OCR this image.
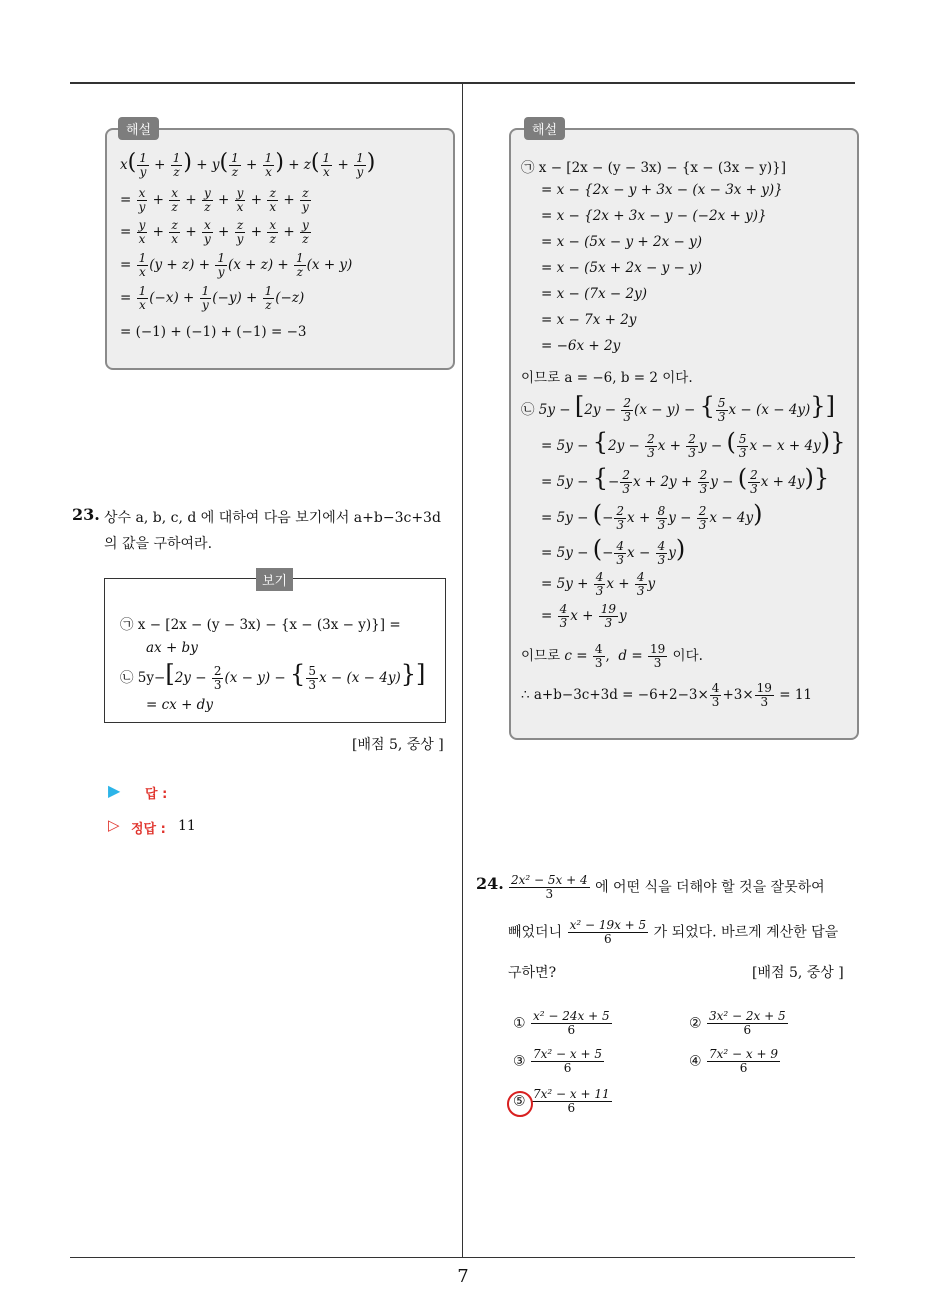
7
해설
$x( \frac{1}{y} + \frac{1}{z}$ ) + $y( \frac{1}{z} + \frac{1}{x}$ ) + $z( \frac{1}{x} + \frac{1}{y}$ )
= $\frac{x}{y} + \frac{x}{z} + \frac{y}{z} + \frac{y}{x} + \frac{z}{x} + \frac{z}{y}$
= $\frac{y}{x} + \frac{z}{x} + \frac{x}{y} + \frac{z}{y} + \frac{x}{z} + \frac{y}{z}$
= $\frac{1}{x} (y + z) + \frac{1}{y} (x + z) + \frac{1}{z} (x + y)$
= $\frac{1}{x} (-x) + \frac{1}{y} (-y) + \frac{1}{z} (-z)$
= (−1) + (−1) + (−1) = −3
23. 상수 a, b, c, d 에 대하여 다음 보기에서 a+b−3c+3d
의 값을 구하여라.
보기
㉠ x − [2x − (y − 3x) − {x − (3x − y)}] =
ax + by
㉡ $5y-[2y - \frac{2}{3} (x - y)$ − { $\frac{5}{3}$ x − (x − 4y)}]
= cx + dy
[배점 5, 중상 ]
▶ 답 :
▷ 정답 : 11
해설
㉠ x − [2x − (y − 3x) − {x − (3x − y)}]
= x − {2x − y + 3x − (x − 3x + y)}
= x − {2x + 3x − y − (−2x + y)}
= x − (5x − y + 2x − y)
= x − (5x + 2x − y − y)
= x − (7x − 2y)
= x − 7x + 2y
= −6x + 2y
이므로 a = −6, b = 2 이다.
㉡ $5y - [2y - \frac{2}{3} (x - y)$ − { $\frac{5}{3}$ x − (x − 4y)}]
= $5y - \{2y - \frac{2}{3}$ $x + \frac{2}{3}$ y − ( $\frac{5}{3}$ x − x + 4y)}
= 5y − {− $\frac{2}{3}$ $x + 2y + \frac{2}{3}$ y − ( $\frac{2}{3}$ x + 4y)}
= 5y − (− $\frac{2}{3}$ $x + \frac{8}{3}$ $y - \frac{2}{3}$ x − 4y)
= 5y − (− $\frac{4}{3}$ $x - \frac{4}{3} y$)
= $5y + \frac{4}{3}$ $x + \frac{4}{3}$ y
= $\frac{4}{3}$ $x + \frac{19}{3}$ y
이므로 $c = \frac{4}{3}$ ,  $d = \frac{19}{3}$ 이다.
∴ $a+b-3c+3d = -6+2-3\times \frac{4}{3} +3\times \frac{19}{3} = 11$
24. $\frac{\text{2x² − 5x + 4}}{3}$ 에 어떤 식을 더해야 할 것을 잘못하여
빼었더니 $\frac{\text{x² − 19x + 5}}{6}$ 가 되었다. 바르게 계산한 답을
구하면?	[배점 5, 중상 ]
① $\frac{\text{x² − 24x + 5}}{6}$	② $\frac{\text{3x² − 2x + 5}}{6}$
③ $\frac{\text{7x² − x + 5}}{6}$	④ $\frac{\text{7x² − x + 9}}{6}$
⑤ $\frac{\text{7x² − x + 11}}{6}$
